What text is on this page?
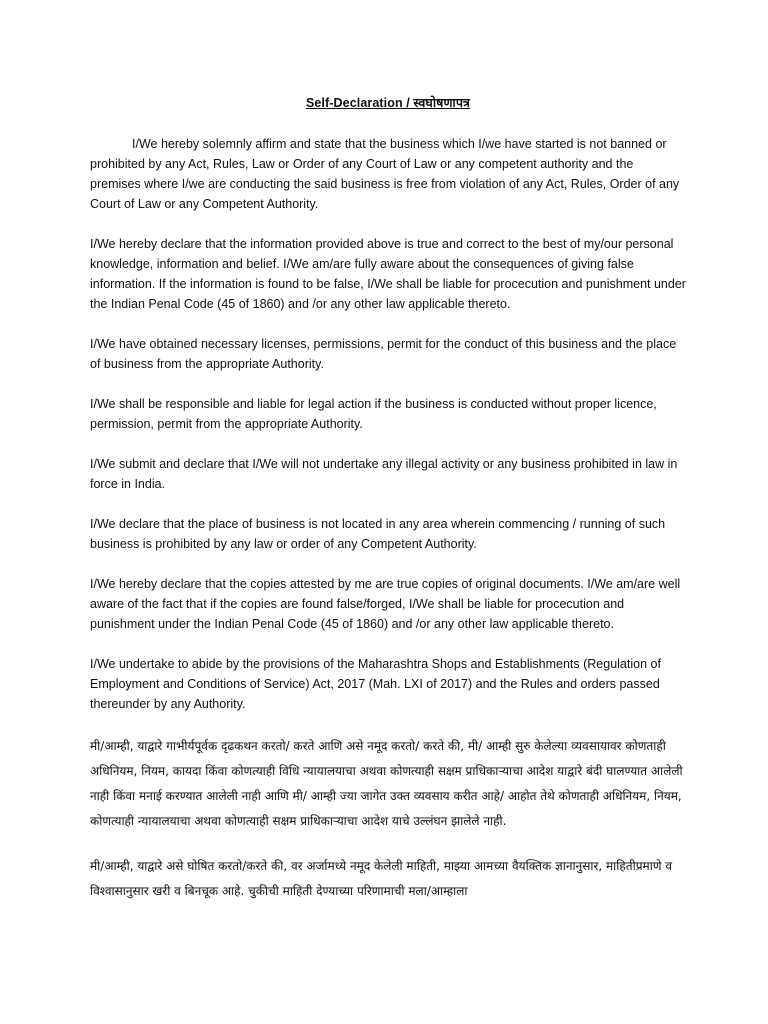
Self-Declaration / स्वघोषणापत्र

I/We hereby solemnly affirm and state that the business which I/we have started is not banned or prohibited by any Act, Rules, Law or Order of any Court of Law or any competent authority and the premises where I/we are conducting the said business is free from violation of any Act, Rules, Order of any Court of Law or any Competent Authority.

I/We hereby declare that the information provided above is true and correct to the best of my/our personal knowledge, information and belief. I/We am/are fully aware about the consequences of giving false information. If the information is found to be false, I/We shall be liable for procecution and punishment under the Indian Penal Code (45 of 1860) and /or any other law applicable thereto.

I/We have obtained necessary licenses, permissions, permit for the conduct of this business and the place of business from the appropriate Authority.

I/We shall be responsible and liable for legal action if the business is conducted without proper licence, permission, permit from the appropriate Authority.

I/We submit and declare that I/We will not undertake any illegal activity or any business prohibited in law in force in India.

I/We declare that the place of business is not located in any area wherein commencing / running of such business is prohibited by any law or order of any Competent Authority.

I/We hereby declare that the copies attested by me are true copies of original documents. I/We am/are well aware of the fact that if the copies are found false/forged, I/We shall be liable for procecution and punishment under the Indian Penal Code (45 of 1860) and /or any other law applicable thereto.

I/We undertake to abide by the provisions of the Maharashtra Shops and Establishments (Regulation of Employment and Conditions of Service) Act, 2017 (Mah. LXI of 2017) and the Rules and orders passed thereunder by any Authority.

मी/आम्ही, याद्वारे गाभीर्यपूर्वक दृढकथन करतो/ करते आणि असे नमूद करतो/ करते की, मी/ आम्ही सुरु केलेल्या व्यवसायावर कोणताही अधिनियम, नियम, कायदा किंवा कोणत्याही विधि न्यायालयाचा अथवा कोणत्याही सक्षम प्राधिकाऱ्याचा आदेश याद्वारे बंदी घालण्यात आलेली नाही किंवा मनाई करण्यात आलेली नाही आणि मी/ आम्ही ज्या जागेत उक्त व्यवसाय करीत आहे/ आहोत तेथे कोणताही अधिनियम, नियम, कोणत्याही न्यायालयाचा अथवा कोणत्याही सक्षम प्राधिकाऱ्याचा आदेश याचे उल्लंघन झालेले नाही.

मी/आम्ही, याद्वारे असे घोषित करतो/करते की, वर अर्जामध्ये नमूद केलेली माहिती, माझ्या आमच्या वैयक्तिक ज्ञानानुसार, माहितीप्रमाणे व विश्वासानुसार खरी व बिनचूक आहे. चुकीची माहिती देण्याच्या परिणामाची मला/आम्हाला
